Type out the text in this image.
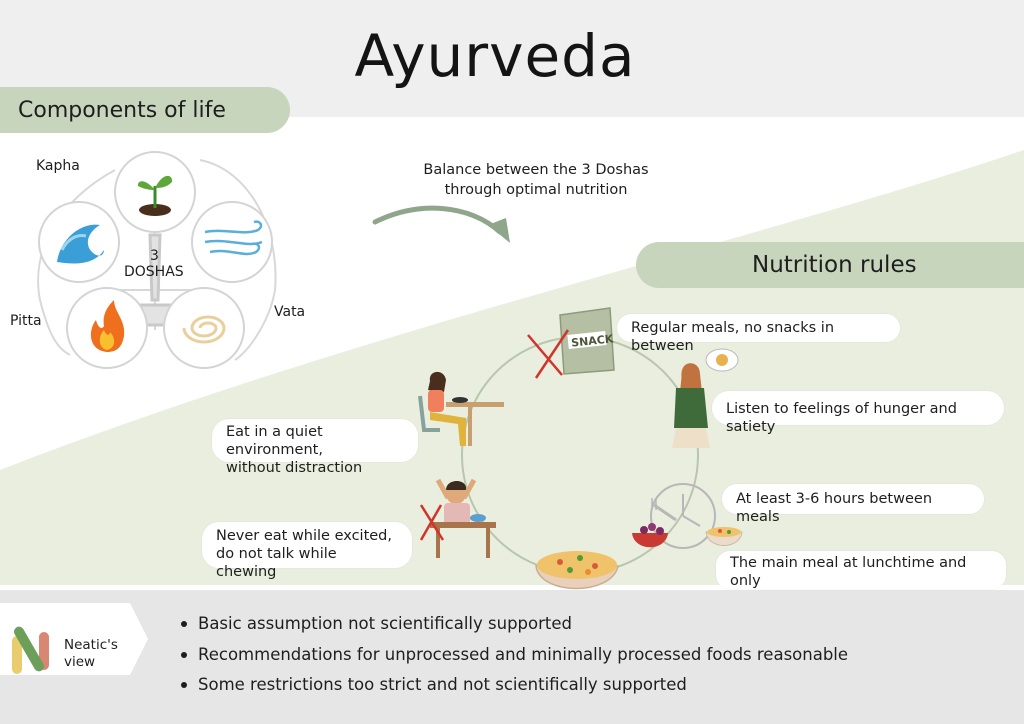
SNACK
Ayurveda
Components of life
Kapha
Pitta
Vata
3
DOSHAS
Balance between the 3 Doshas
through optimal nutrition
Nutrition rules
Regular meals, no snacks in between
Listen to feelings of hunger and satiety
At least 3-6 hours between meals
The main meal at lunchtime and only
Never eat while excited,
do not talk while chewing
Eat in a quiet environment,
without distraction
Neatic's
view
Basic assumption not scientifically supported
Recommendations for unprocessed and minimally processed foods reasonable
Some restrictions too strict and not scientifically supported
